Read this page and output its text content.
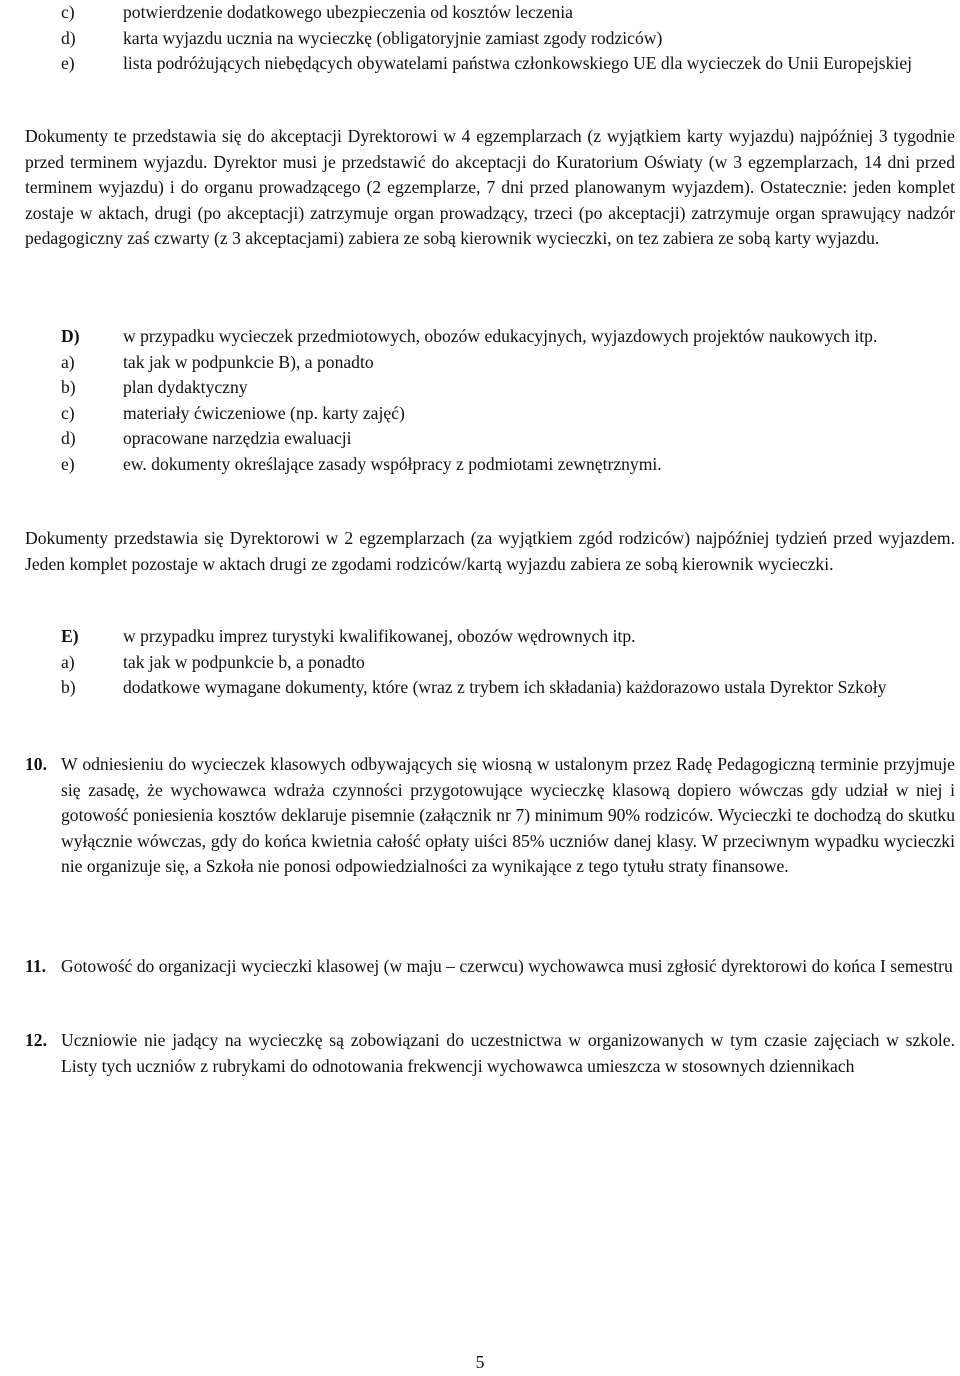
c)	potwierdzenie dodatkowego ubezpieczenia od kosztów leczenia
d)	karta wyjazdu ucznia na wycieczkę (obligatoryjnie zamiast zgody rodziców)
e)	lista podróżujących niebędących obywatelami państwa członkowskiego UE dla wycieczek do Unii Europejskiej

Dokumenty te przedstawia się do akceptacji Dyrektorowi w 4 egzemplarzach (z wyjątkiem karty wyjazdu) najpóźniej 3 tygodnie przed terminem wyjazdu. Dyrektor musi je przedstawić do akceptacji do Kuratorium Oświaty (w 3 egzemplarzach, 14 dni przed terminem wyjazdu) i do organu prowadzącego (2 egzemplarze, 7 dni przed planowanym wyjazdem). Ostatecznie: jeden komplet zostaje w aktach, drugi (po akceptacji) zatrzymuje organ prowadzący, trzeci (po akceptacji) zatrzymuje organ sprawujący nadzór pedagogiczny zaś czwarty (z 3 akceptacjami) zabiera ze sobą kierownik wycieczki, on tez zabiera ze sobą karty wyjazdu.

D) w przypadku wycieczek przedmiotowych, obozów edukacyjnych, wyjazdowych projektów naukowych itp.
a)	tak jak w podpunkcie B), a ponadto
b)	plan dydaktyczny
c)	materiały ćwiczeniowe (np. karty zajęć)
d)	opracowane narzędzia ewaluacji
e)	ew. dokumenty określające zasady współpracy z podmiotami zewnętrznymi.

Dokumenty przedstawia się Dyrektorowi w 2 egzemplarzach (za wyjątkiem zgód rodziców) najpóźniej tydzień przed wyjazdem. Jeden komplet pozostaje w aktach drugi ze zgodami rodziców/kartą wyjazdu zabiera ze sobą kierownik wycieczki.

E)	w przypadku imprez turystyki kwalifikowanej, obozów wędrownych itp.
a)	tak jak w podpunkcie b, a ponadto
b)	dodatkowe wymagane dokumenty, które (wraz z trybem ich składania) każdorazowo ustala Dyrektor Szkoły
10. W odniesieniu do wycieczek klasowych odbywających się wiosną w ustalonym przez Radę Pedagogiczną terminie przyjmuje się zasadę, że wychowawca wdraża czynności przygotowujące wycieczkę klasową dopiero wówczas gdy udział w niej i gotowość poniesienia kosztów deklaruje pisemnie (załącznik nr 7) minimum 90% rodziców. Wycieczki te dochodzą do skutku wyłącznie wówczas, gdy do końca kwietnia całość opłaty uiści 85% uczniów danej klasy. W przeciwnym wypadku wycieczki nie organizuje się, a Szkoła nie ponosi odpowiedzialności za wynikające z tego tytułu straty finansowe.
11. Gotowość do organizacji wycieczki klasowej (w maju – czerwcu) wychowawca musi zgłosić dyrektorowi do końca I semestru
12. Uczniowie nie jadący na wycieczkę są zobowiązani do uczestnictwa w organizowanych w tym czasie zajęciach w szkole. Listy tych uczniów z rubrykami do odnotowania frekwencji wychowawca umieszcza w stosownych dziennikach
5
